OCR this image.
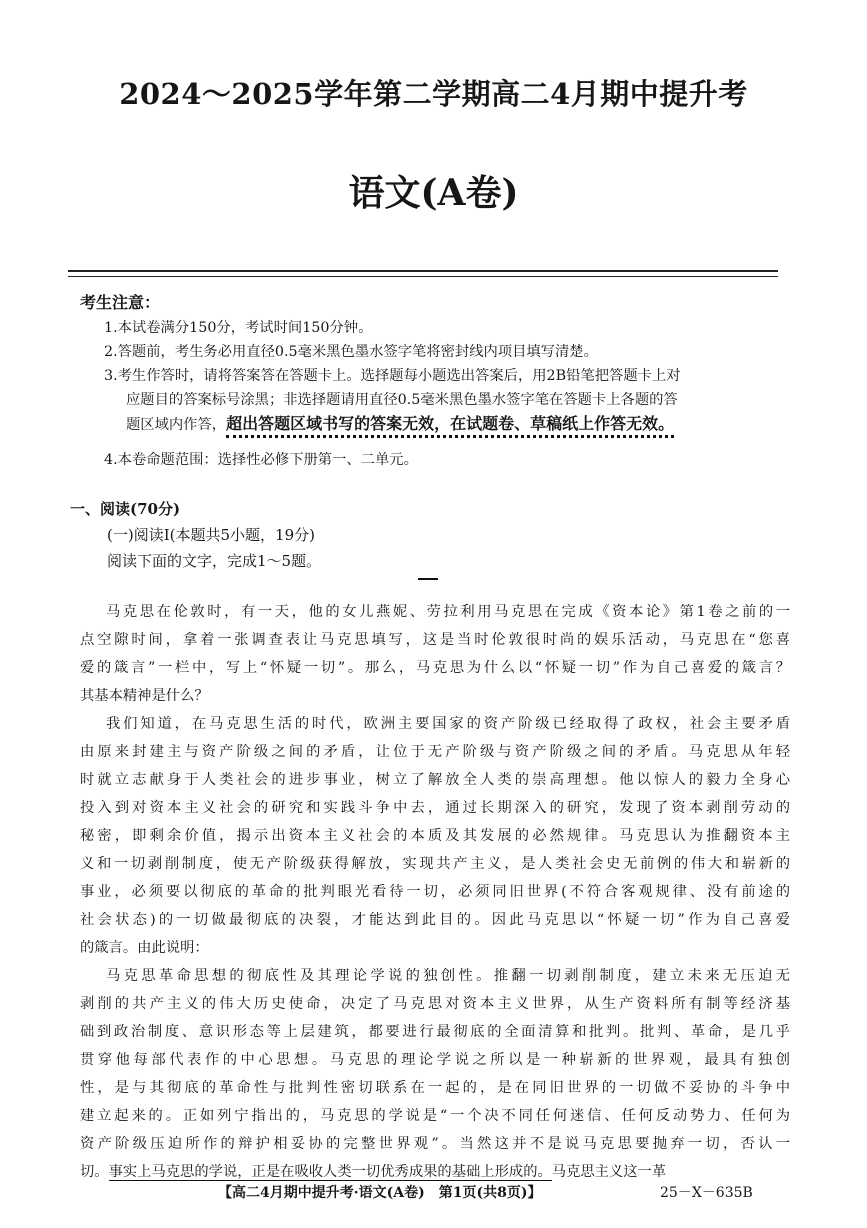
2024～2025学年第二学期高二4月期中提升考
语文(A卷)
考生注意：
1.本试卷满分150分，考试时间150分钟。
2.答题前，考生务必用直径0.5毫米黑色墨水签字笔将密封线内项目填写清楚。
3.考生作答时，请将答案答在答题卡上。选择题每小题选出答案后，用2B铅笔把答题卡上对
应题目的答案标号涂黑；非选择题请用直径0.5毫米黑色墨水签字笔在答题卡上各题的答
题区域内作答，超出答题区域书写的答案无效，在试题卷、草稿纸上作答无效。
4.本卷命题范围：选择性必修下册第一、二单元。
一、阅读(70分)
(一)阅读Ⅰ(本题共5小题，19分)
阅读下面的文字，完成1～5题。
马克思在伦敦时，有一天，他的女儿燕妮、劳拉利用马克思在完成《资本论》第1卷之前的一
点空隙时间，拿着一张调查表让马克思填写，这是当时伦敦很时尚的娱乐活动，马克思在“您喜
爱的箴言”一栏中，写上“怀疑一切”。那么，马克思为什么以“怀疑一切”作为自己喜爱的箴言？
其基本精神是什么？
我们知道，在马克思生活的时代，欧洲主要国家的资产阶级已经取得了政权，社会主要矛盾
由原来封建主与资产阶级之间的矛盾，让位于无产阶级与资产阶级之间的矛盾。马克思从年轻
时就立志献身于人类社会的进步事业，树立了解放全人类的崇高理想。他以惊人的毅力全身心
投入到对资本主义社会的研究和实践斗争中去，通过长期深入的研究，发现了资本剥削劳动的
秘密，即剩余价值，揭示出资本主义社会的本质及其发展的必然规律。马克思认为推翻资本主
义和一切剥削制度，使无产阶级获得解放，实现共产主义，是人类社会史无前例的伟大和崭新的
事业，必须要以彻底的革命的批判眼光看待一切，必须同旧世界(不符合客观规律、没有前途的
社会状态)的一切做最彻底的决裂，才能达到此目的。因此马克思以“怀疑一切”作为自己喜爱
的箴言。由此说明：
马克思革命思想的彻底性及其理论学说的独创性。推翻一切剥削制度，建立未来无压迫无
剥削的共产主义的伟大历史使命，决定了马克思对资本主义世界，从生产资料所有制等经济基
础到政治制度、意识形态等上层建筑，都要进行最彻底的全面清算和批判。批判、革命，是几乎
贯穿他每部代表作的中心思想。马克思的理论学说之所以是一种崭新的世界观，最具有独创
性，是与其彻底的革命性与批判性密切联系在一起的，是在同旧世界的一切做不妥协的斗争中
建立起来的。正如列宁指出的，马克思的学说是“一个决不同任何迷信、任何反动势力、任何为
资产阶级压迫所作的辩护相妥协的完整世界观”。当然这并不是说马克思要抛弃一切，否认一
切。事实上马克思的学说，正是在吸收人类一切优秀成果的基础上形成的。马克思主义这一革
【高二4月期中提升考·语文(A卷)　第1页(共8页)】	25－X－635B
